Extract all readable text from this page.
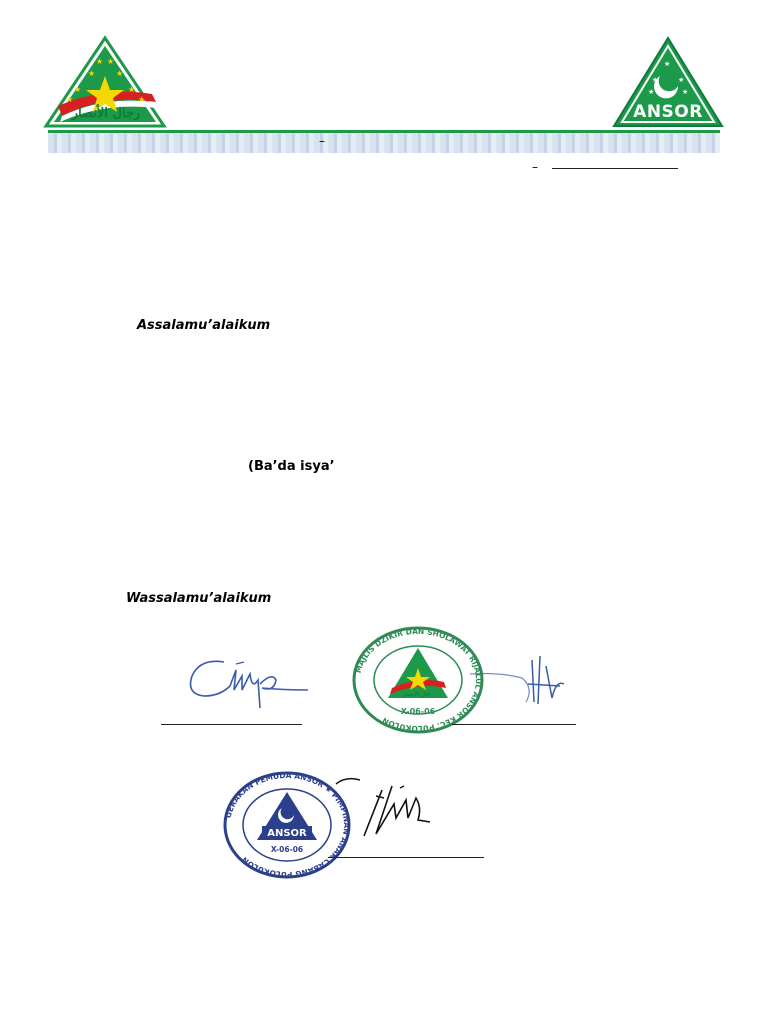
★ ★
★	★
★	★
★	★
رجال الأنصار
★
★	★
★	★
ANSOR
–
–
Assalamu’alaikum
(Ba’da isya’
Wassalamu’alaikum
X-06-06
رجال الأنصار
MAJLIS DZIKIR DAN SHOLAWAT RIJALUL ANSOR KEC. PULOKULON
ANSOR
X-06-06
GERAKAN PEMUDA ANSOR ★ PIMPINAN ANAK CABANG PULOKULON
